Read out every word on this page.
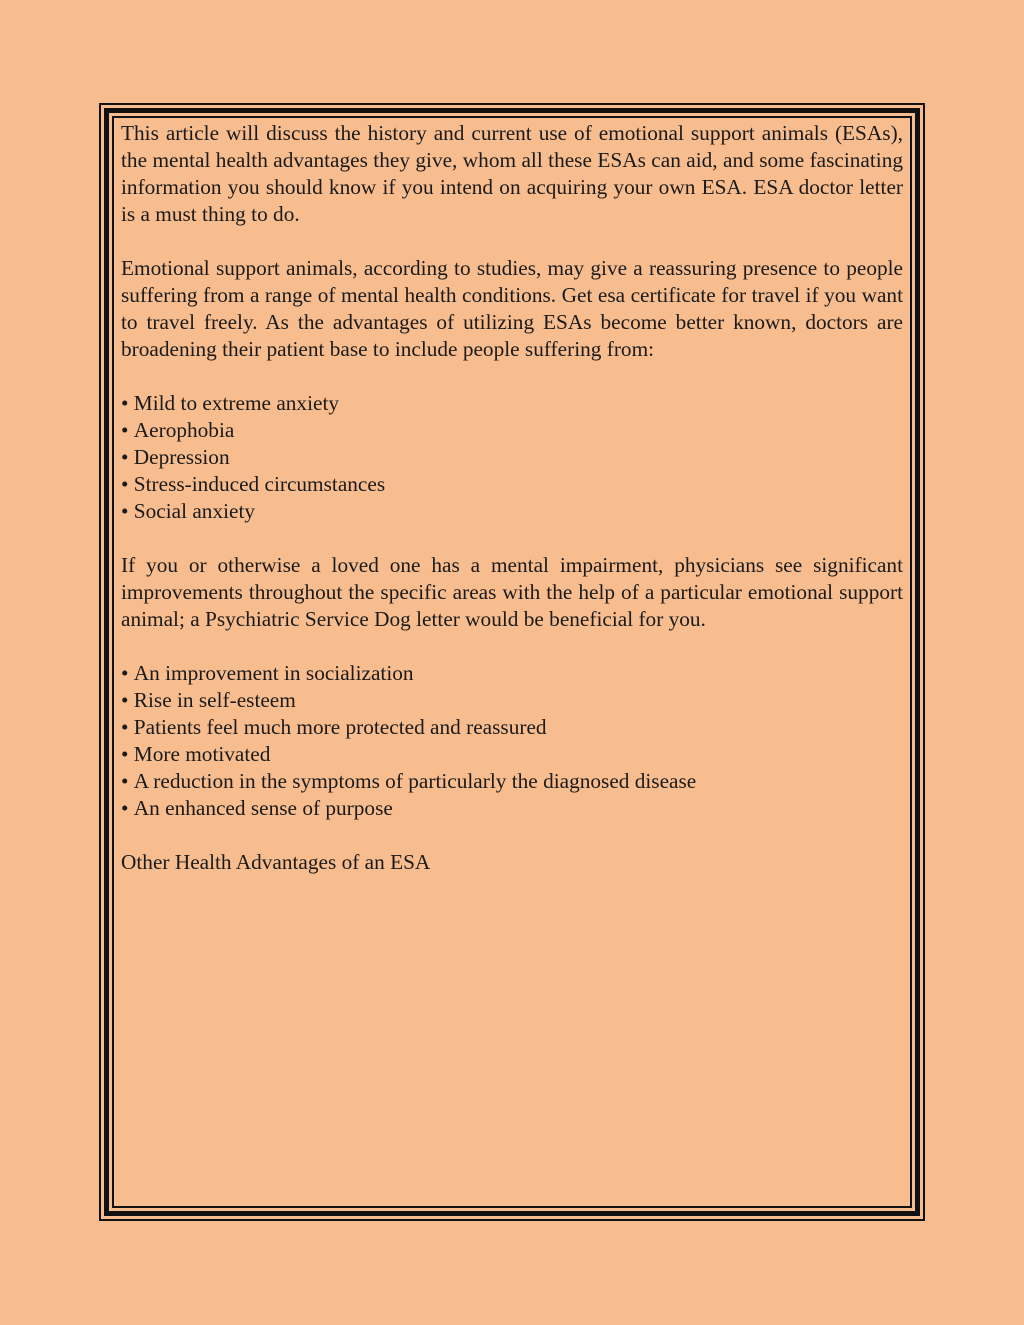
This article will discuss the history and current use of emotional support animals (ESAs), the mental health advantages they give, whom all these ESAs can aid, and some fascinating information you should know if you intend on acquiring your own ESA. ESA doctor letter is a must thing to do.

Emotional support animals, according to studies, may give a reassuring presence to people suffering from a range of mental health conditions. Get esa certificate for travel if you want to travel freely. As the advantages of utilizing ESAs become better known, doctors are broadening their patient base to include people suffering from:

• Mild to extreme anxiety
• Aerophobia
• Depression
• Stress-induced circumstances
• Social anxiety

If you or otherwise a loved one has a mental impairment, physicians see significant improvements throughout the specific areas with the help of a particular emotional support animal; a Psychiatric Service Dog letter would be beneficial for you.

• An improvement in socialization
• Rise in self-esteem
• Patients feel much more protected and reassured
• More motivated
• A reduction in the symptoms of particularly the diagnosed disease
• An enhanced sense of purpose

Other Health Advantages of an ESA
